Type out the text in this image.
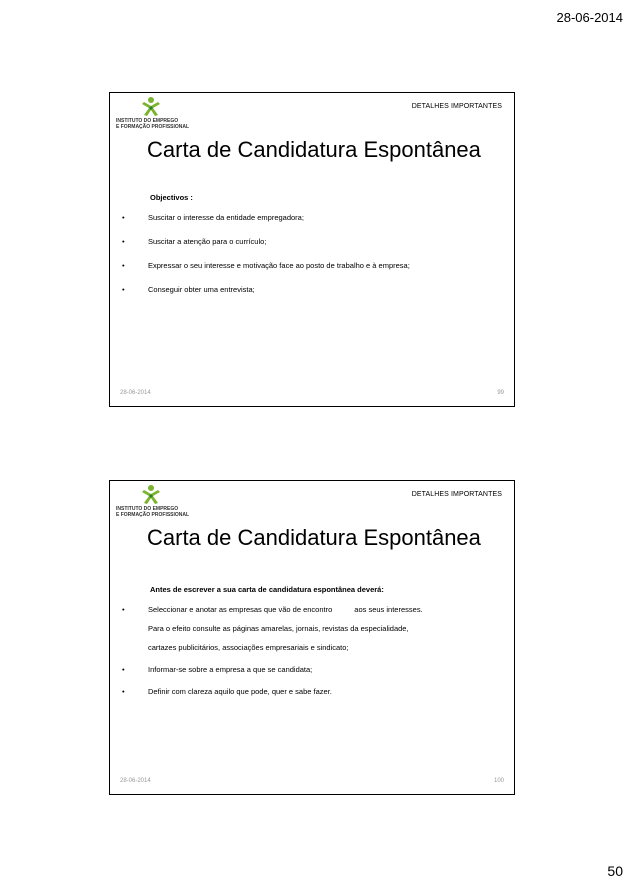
28-06-2014
INSTITUTO DO EMPREGO
E FORMAÇÃO PROFISSIONAL
DETALHES IMPORTANTES
Carta de Candidatura Espontânea
Objectivos :
• Suscitar o interesse da entidade empregadora;
• Suscitar a atenção para o currículo;
• Expressar o seu interesse e motivação face ao posto de trabalho e à empresa;
• Conseguir obter uma entrevista;
28-06-2014	99
INSTITUTO DO EMPREGO
E FORMAÇÃO PROFISSIONAL
DETALHES IMPORTANTES
Carta de Candidatura Espontânea
Antes de escrever a sua carta de candidatura espontânea deverá:
• Seleccionar e anotar as empresas que vão de encontro	aos seus interesses.
Para o efeito consulte as páginas amarelas, jornais, revistas da especialidade,
cartazes publicitários, associações empresariais e sindicato;
• Informar-se sobre a empresa a que se candidata;
• Definir com clareza aquilo que pode, quer e sabe fazer.
28-06-2014	100
50
